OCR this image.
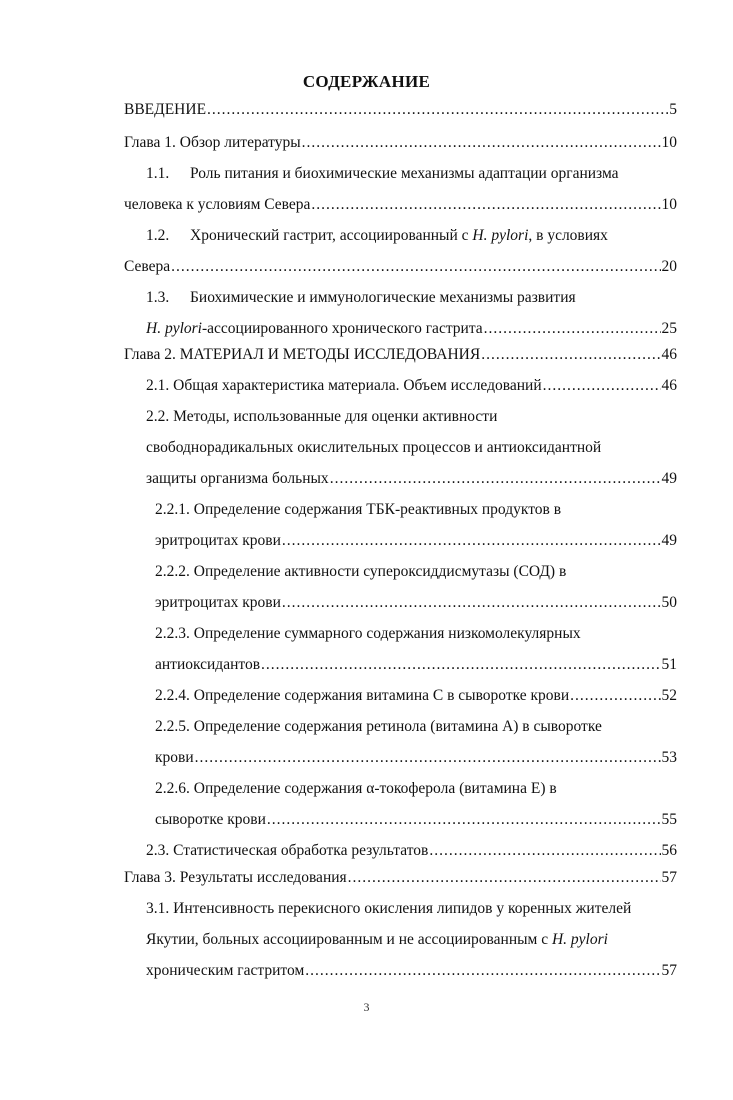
СОДЕРЖАНИЕ
ВВЕДЕНИЕ .....	5
Глава 1. Обзор литературы .....	10
1.1. Роль питания и биохимические механизмы адаптации организма
человека к условиям Севера .....	10
1.2. Хронический гастрит, ассоциированный с H. pylori, в условиях
Севера .....	20
1.3. Биохимические и иммунологические механизмы развития
H. pylori-ассоциированного хронического гастрита .....	25
Глава 2. МАТЕРИАЛ И МЕТОДЫ ИССЛЕДОВАНИЯ .....	46
2.1. Общая характеристика материала. Объем исследований .....	46
2.2. Методы, использованные для оценки активности
свободнорадикальных окислительных процессов и антиоксидантной
защиты организма больных .....	49
2.2.1. Определение содержания ТБК-реактивных продуктов в
эритроцитах крови .....	49
2.2.2. Определение активности супероксиддисмутазы (СОД) в
эритроцитах крови .....	50
2.2.3. Определение суммарного содержания низкомолекулярных
антиоксидантов .....	51
2.2.4. Определение содержания витамина С в сыворотке крови .....	52
2.2.5. Определение содержания ретинола (витамина А) в сыворотке
крови .....	53
2.2.6. Определение содержания α-токоферола (витамина Е) в
сыворотке крови .....	55
2.3. Статистическая обработка результатов .....	56
Глава 3. Результаты исследования .....	57
3.1. Интенсивность перекисного окисления липидов у коренных жителей
Якутии, больных ассоциированным и не ассоциированным с H. pylori
хроническим гастритом .....	57
3
